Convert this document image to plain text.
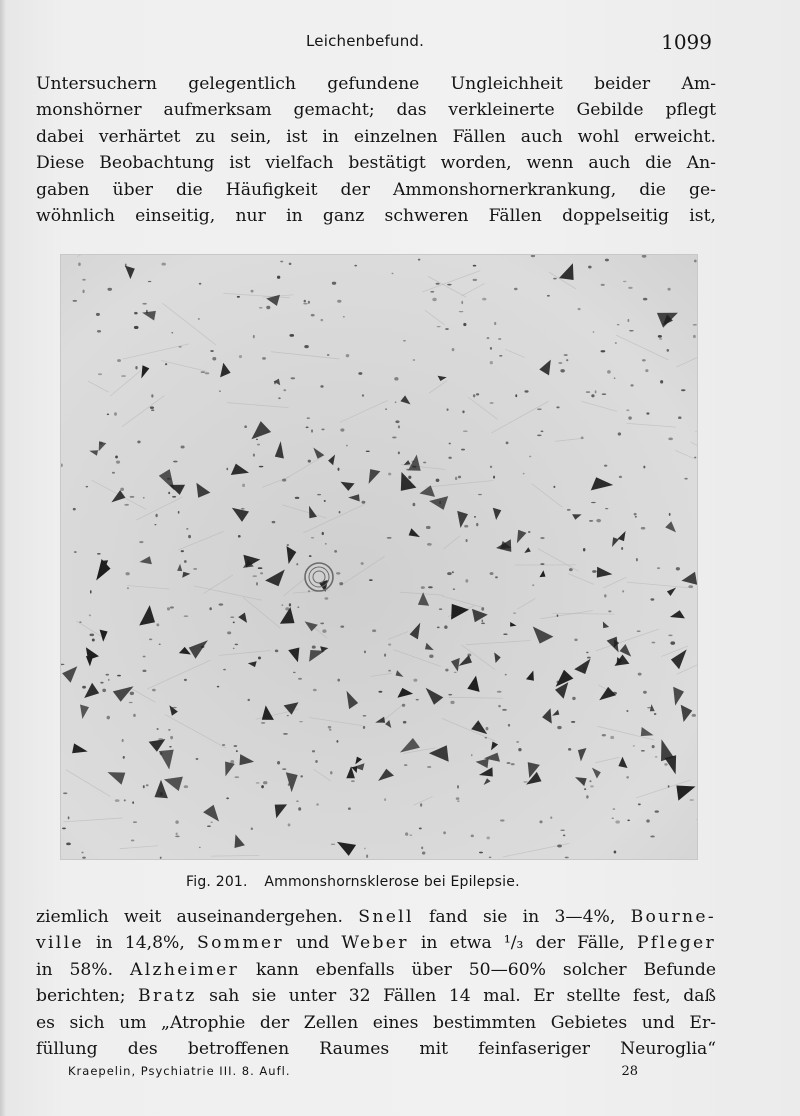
Leichenbefund.	1099
Untersuchern gelegentlich gefundene Ungleichheit beider Am-
monshörner aufmerksam gemacht; das verkleinerte Gebilde pflegt
dabei verhärtet zu sein, ist in einzelnen Fällen auch wohl erweicht.
Diese Beobachtung ist vielfach bestätigt worden, wenn auch die An-
gaben über die Häufigkeit der Ammonshornerkrankung, die ge-
wöhnlich einseitig, nur in ganz schweren Fällen doppelseitig ist,
Fig. 201. Ammonshornsklerose bei Epilepsie.
ziemlich weit auseinandergehen. Snell fand sie in 3—4%, Bourne-
ville in 14,8%, Sommer und Weber in etwa ¹/₃ der Fälle, Pfleger
in 58%. Alzheimer kann ebenfalls über 50—60% solcher Befunde
berichten; Bratz sah sie unter 32 Fällen 14 mal. Er stellte fest, daß
es sich um „Atrophie der Zellen eines bestimmten Gebietes und Er-
füllung des betroffenen Raumes mit feinfaseriger Neuroglia“
Kraepelin, Psychiatrie III. 8. Aufl.	28
